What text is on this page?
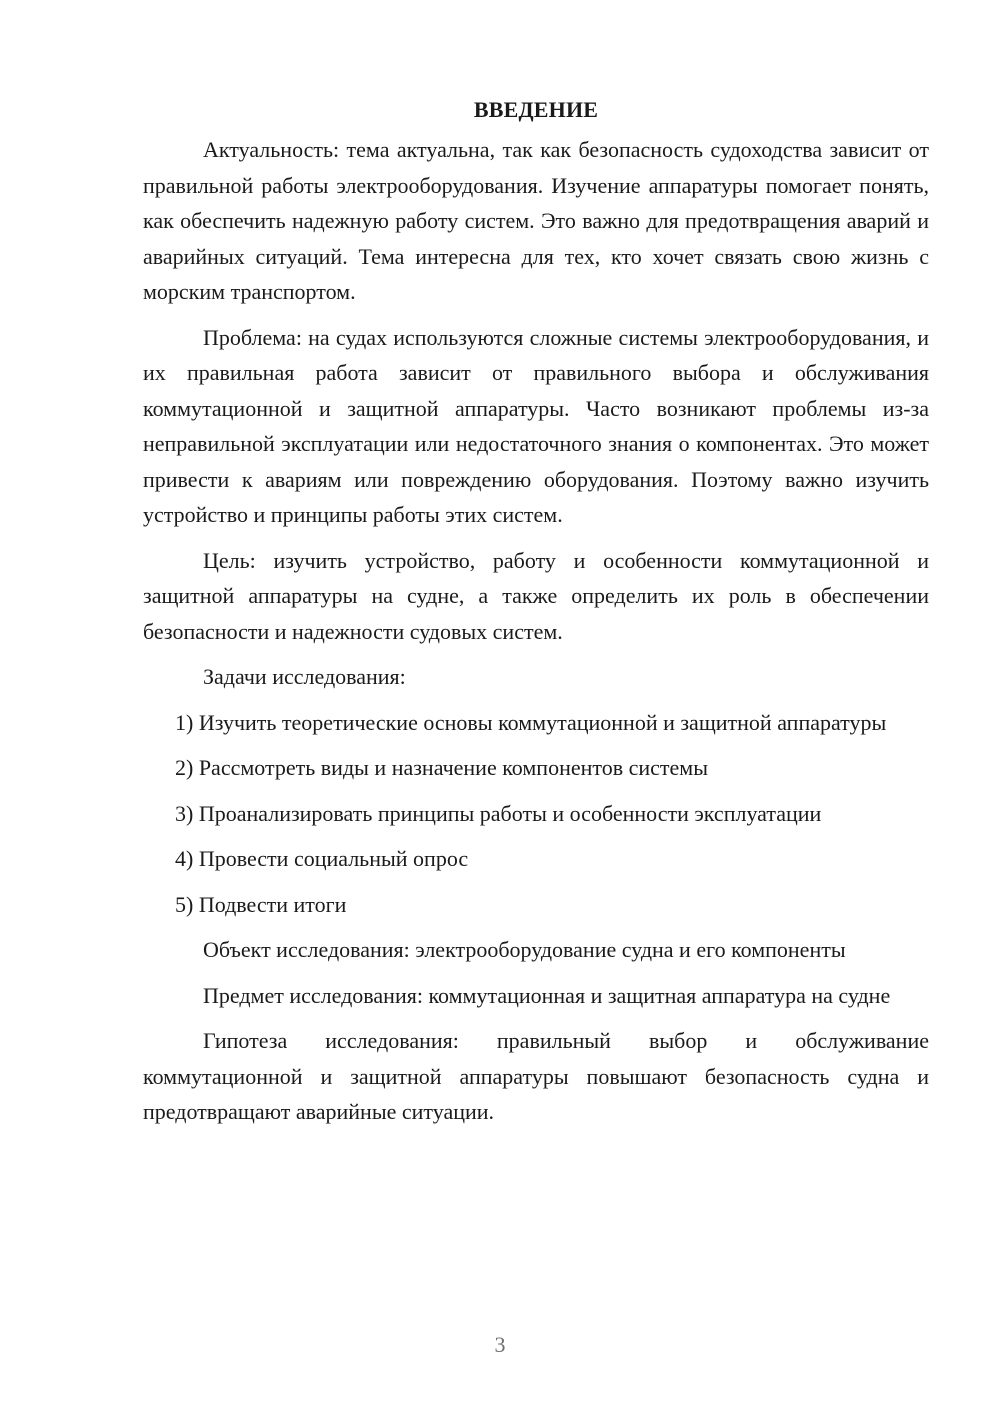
ВВЕДЕНИЕ

Актуальность: тема актуальна, так как безопасность судоходства зависит от правильной работы электрооборудования. Изучение аппаратуры помогает понять, как обеспечить надежную работу систем. Это важно для предотвращения аварий и аварийных ситуаций. Тема интересна для тех, кто хочет связать свою жизнь с морским транспортом.

Проблема: на судах используются сложные системы электрооборудования, и их правильная работа зависит от правильного выбора и обслуживания коммутационной и защитной аппаратуры. Часто возникают проблемы из-за неправильной эксплуатации или недостаточного знания о компонентах. Это может привести к авариям или повреждению оборудования. Поэтому важно изучить устройство и принципы работы этих систем.

Цель: изучить устройство, работу и особенности коммутационной и защитной аппаратуры на судне, а также определить их роль в обеспечении безопасности и надежности судовых систем.

Задачи исследования:

1) Изучить теоретические основы коммутационной и защитной аппаратуры

2) Рассмотреть виды и назначение компонентов системы

3) Проанализировать принципы работы и особенности эксплуатации

4) Провести социальный опрос

5) Подвести итоги

Объект исследования: электрооборудование судна и его компоненты

Предмет исследования: коммутационная и защитная аппаратура на судне

Гипотеза исследования: правильный выбор и обслуживание коммутационной и защитной аппаратуры повышают безопасность судна и предотвращают аварийные ситуации.

3
